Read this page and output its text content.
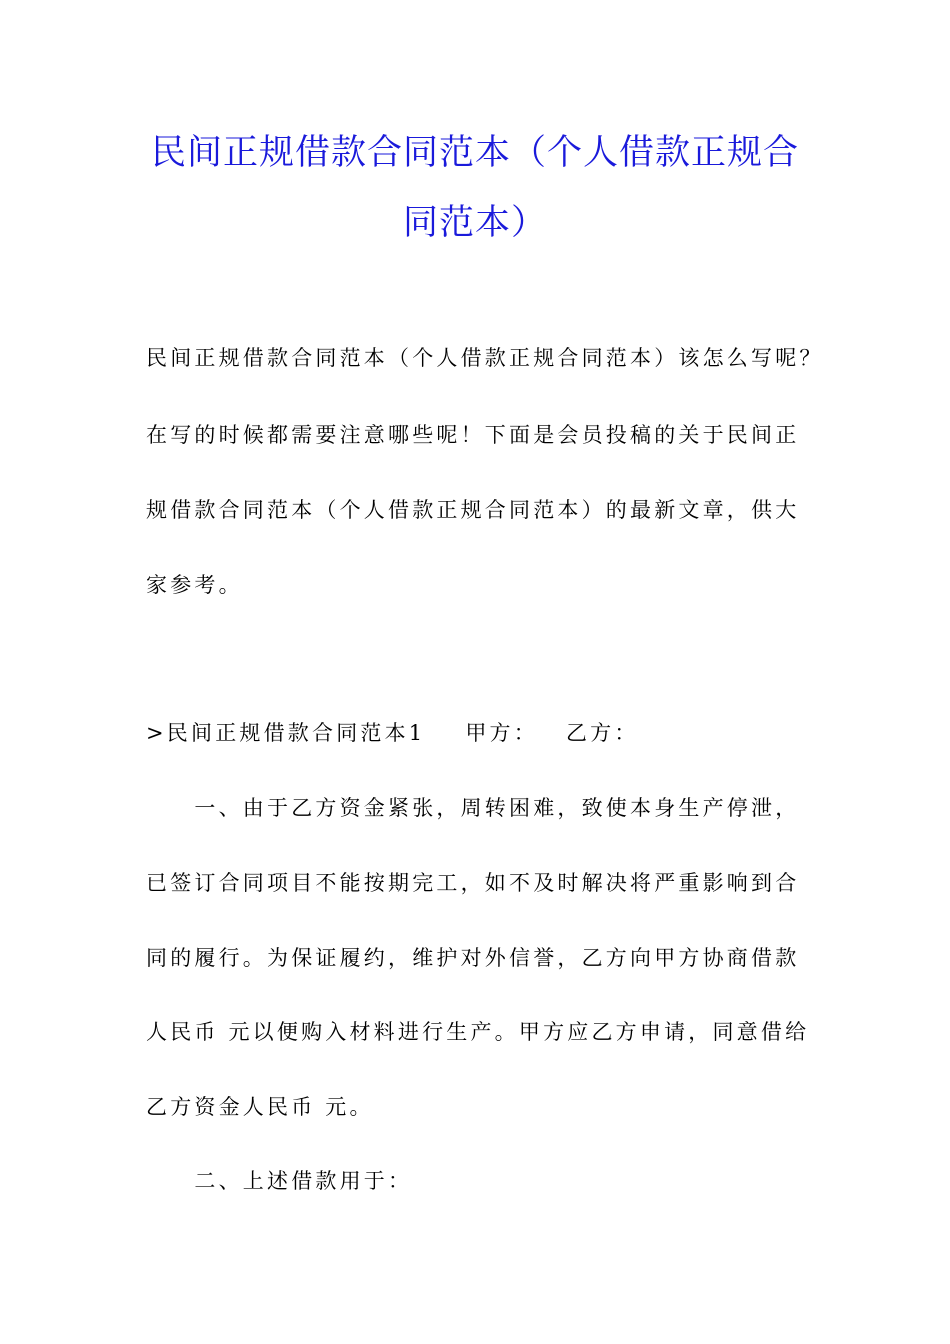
民间正规借款合同范本（个人借款正规合
同范本）

民间正规借款合同范本（个人借款正规合同范本）该怎么写呢？

在写的时候都需要注意哪些呢！下面是会员投稿的关于民间正

规借款合同范本（个人借款正规合同范本）的最新文章，供大

家参考。

>民间正规借款合同范本1 甲方： 乙方：

　　一、由于乙方资金紧张，周转困难，致使本身生产停泄，

已签订合同项目不能按期完工，如不及时解决将严重影响到合

同的履行。为保证履约，维护对外信誉，乙方向甲方协商借款

人民币 元以便购入材料进行生产。甲方应乙方申请，同意借给

乙方资金人民币 元。

　　二、上述借款用于：
